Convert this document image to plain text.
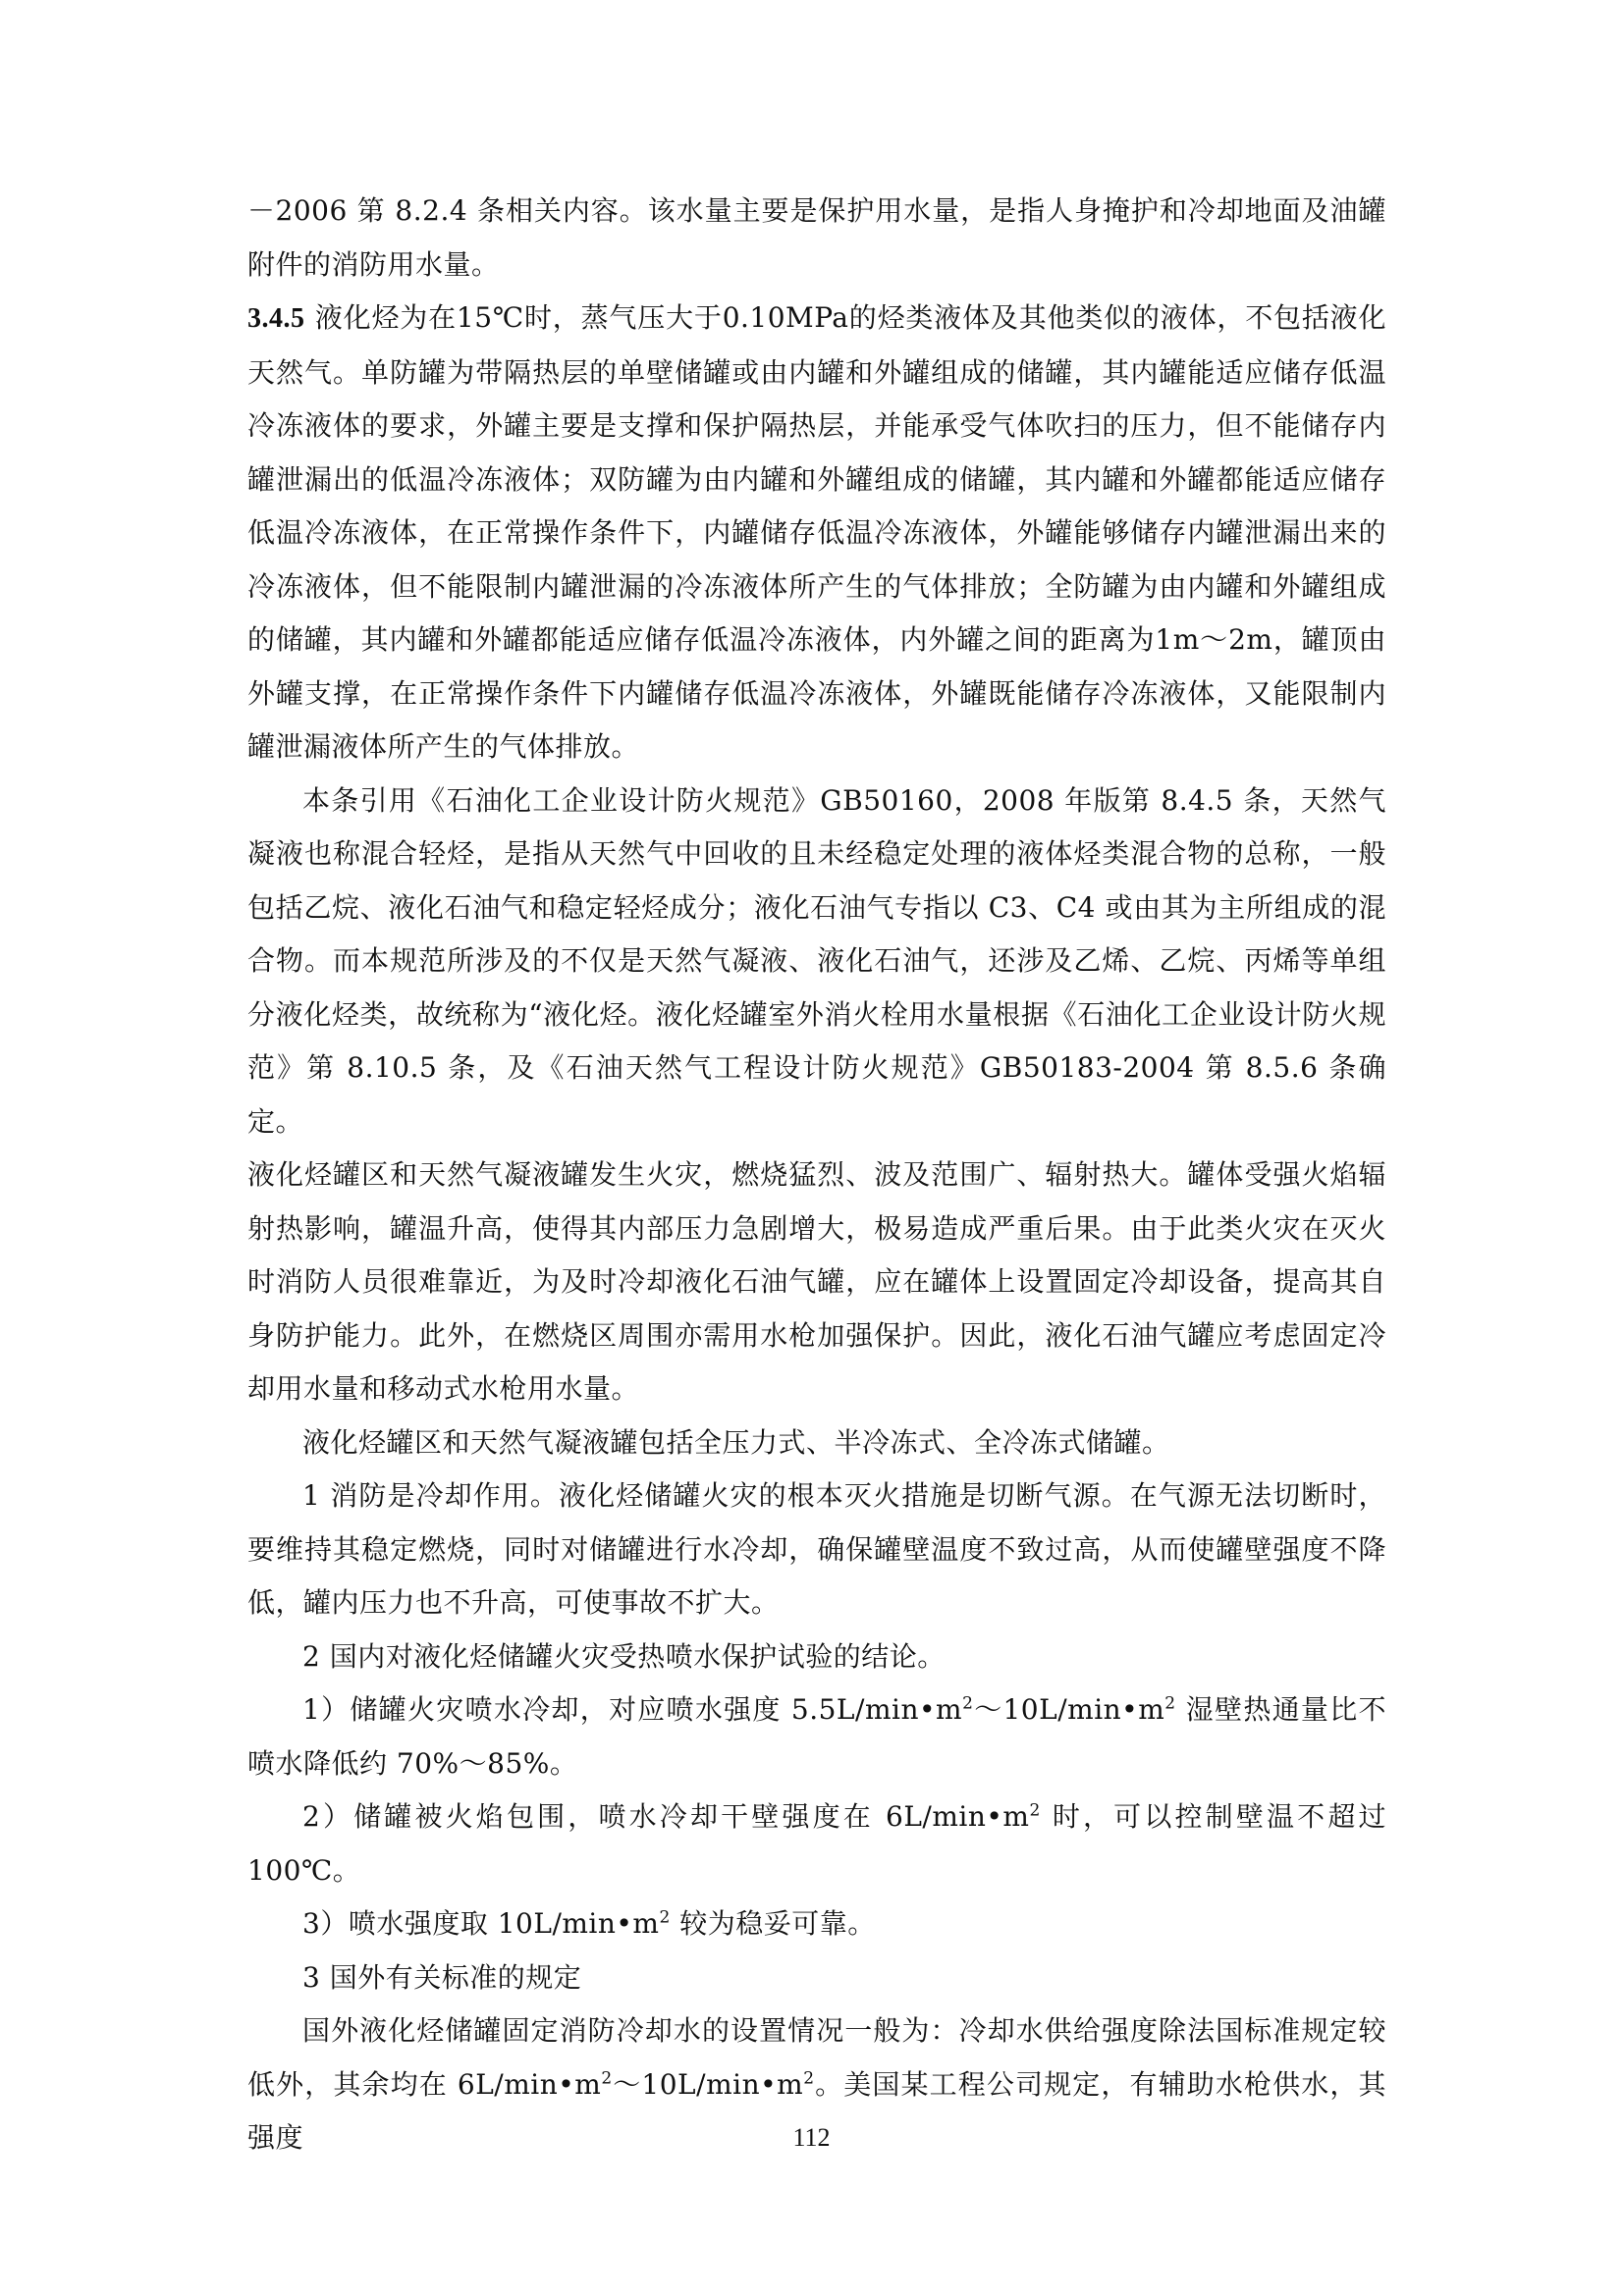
－2006 第 8.2.4 条相关内容。该水量主要是保护用水量，是指人身掩护和冷却地面及油罐附件的消防用水量。

3.4.5 液化烃为在15℃时，蒸气压大于0.10MPa的烃类液体及其他类似的液体，不包括液化天然气。单防罐为带隔热层的单壁储罐或由内罐和外罐组成的储罐，其内罐能适应储存低温冷冻液体的要求，外罐主要是支撑和保护隔热层，并能承受气体吹扫的压力，但不能储存内罐泄漏出的低温冷冻液体；双防罐为由内罐和外罐组成的储罐，其内罐和外罐都能适应储存低温冷冻液体，在正常操作条件下，内罐储存低温冷冻液体，外罐能够储存内罐泄漏出来的冷冻液体，但不能限制内罐泄漏的冷冻液体所产生的气体排放；全防罐为由内罐和外罐组成的储罐，其内罐和外罐都能适应储存低温冷冻液体，内外罐之间的距离为1m～2m，罐顶由外罐支撑，在正常操作条件下内罐储存低温冷冻液体，外罐既能储存冷冻液体，又能限制内罐泄漏液体所产生的气体排放。

本条引用《石油化工企业设计防火规范》GB50160，2008 年版第 8.4.5 条，天然气凝液也称混合轻烃，是指从天然气中回收的且未经稳定处理的液体烃类混合物的总称，一般包括乙烷、液化石油气和稳定轻烃成分；液化石油气专指以 C3、C4 或由其为主所组成的混合物。而本规范所涉及的不仅是天然气凝液、液化石油气，还涉及乙烯、乙烷、丙烯等单组分液化烃类，故统称为“液化烃。液化烃罐室外消火栓用水量根据《石油化工企业设计防火规范》第 8.10.5 条，及《石油天然气工程设计防火规范》GB50183-2004 第 8.5.6 条确定。

液化烃罐区和天然气凝液罐发生火灾，燃烧猛烈、波及范围广、辐射热大。罐体受强火焰辐射热影响，罐温升高，使得其内部压力急剧增大，极易造成严重后果。由于此类火灾在灭火时消防人员很难靠近，为及时冷却液化石油气罐，应在罐体上设置固定冷却设备，提高其自身防护能力。此外，在燃烧区周围亦需用水枪加强保护。因此，液化石油气罐应考虑固定冷却用水量和移动式水枪用水量。

液化烃罐区和天然气凝液罐包括全压力式、半冷冻式、全冷冻式储罐。

1 消防是冷却作用。液化烃储罐火灾的根本灭火措施是切断气源。在气源无法切断时，要维持其稳定燃烧，同时对储罐进行水冷却，确保罐壁温度不致过高，从而使罐壁强度不降低，罐内压力也不升高，可使事故不扩大。

2 国内对液化烃储罐火灾受热喷水保护试验的结论。

1）储罐火灾喷水冷却，对应喷水强度 $5.5L/\min•m^2\sim 10L/\min•m^2$ 湿壁热通量比不喷水降低约 70%～85%。

2）储罐被火焰包围，喷水冷却干壁强度在 $6L/\min•m^2$ 时，可以控制壁温不超过 100℃。

3）喷水强度取 $10L/\min•m^2$ 较为稳妥可靠。

3 国外有关标准的规定

国外液化烃储罐固定消防冷却水的设置情况一般为：冷却水供给强度除法国标准规定较低外，其余均在 $6L/\min•m^2\sim 10L/\min•m^2$。美国某工程公司规定，有辅助水枪供水，其强度	112
